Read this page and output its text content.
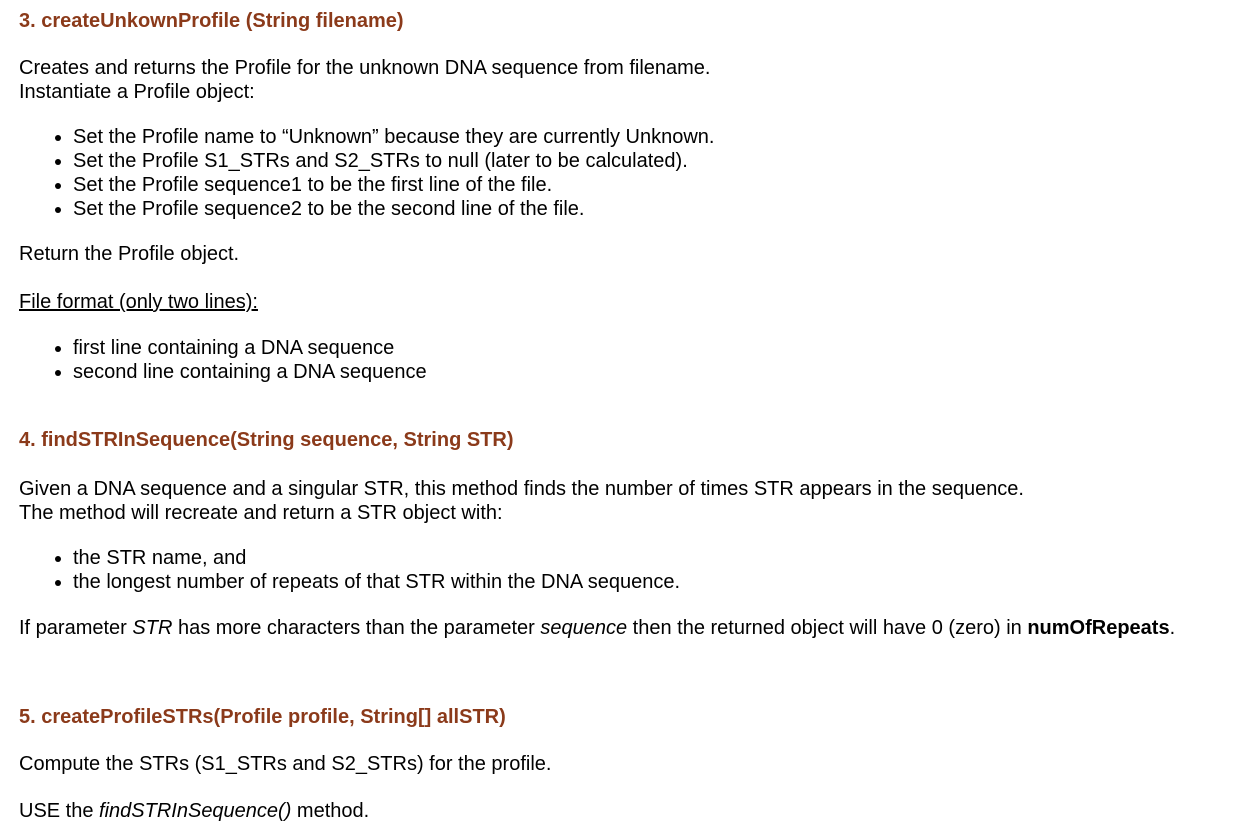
3. createUnkownProfile (String filename)

Creates and returns the Profile for the unknown DNA sequence from filename.

Instantiate a Profile object:

Set the Profile name to “Unknown” because they are currently Unknown.
Set the Profile S1_STRs and S2_STRs to null (later to be calculated).
Set the Profile sequence1 to be the first line of the file.
Set the Profile sequence2 to be the second line of the file.

Return the Profile object.

File format (only two lines):

first line containing a DNA sequence
second line containing a DNA sequence
4. findSTRInSequence(String sequence, String STR)

Given a DNA sequence and a singular STR, this method finds the number of times STR appears in the sequence.

The method will recreate and return a STR object with:

the STR name, and
the longest number of repeats of that STR within the DNA sequence.

If parameter STR has more characters than the parameter sequence then the returned object will have 0 (zero) in numOfRepeats.

5. createProfileSTRs(Profile profile, String[] allSTR)

Compute the STRs (S1_STRs and S2_STRs) for the profile.

USE the findSTRInSequence() method.
